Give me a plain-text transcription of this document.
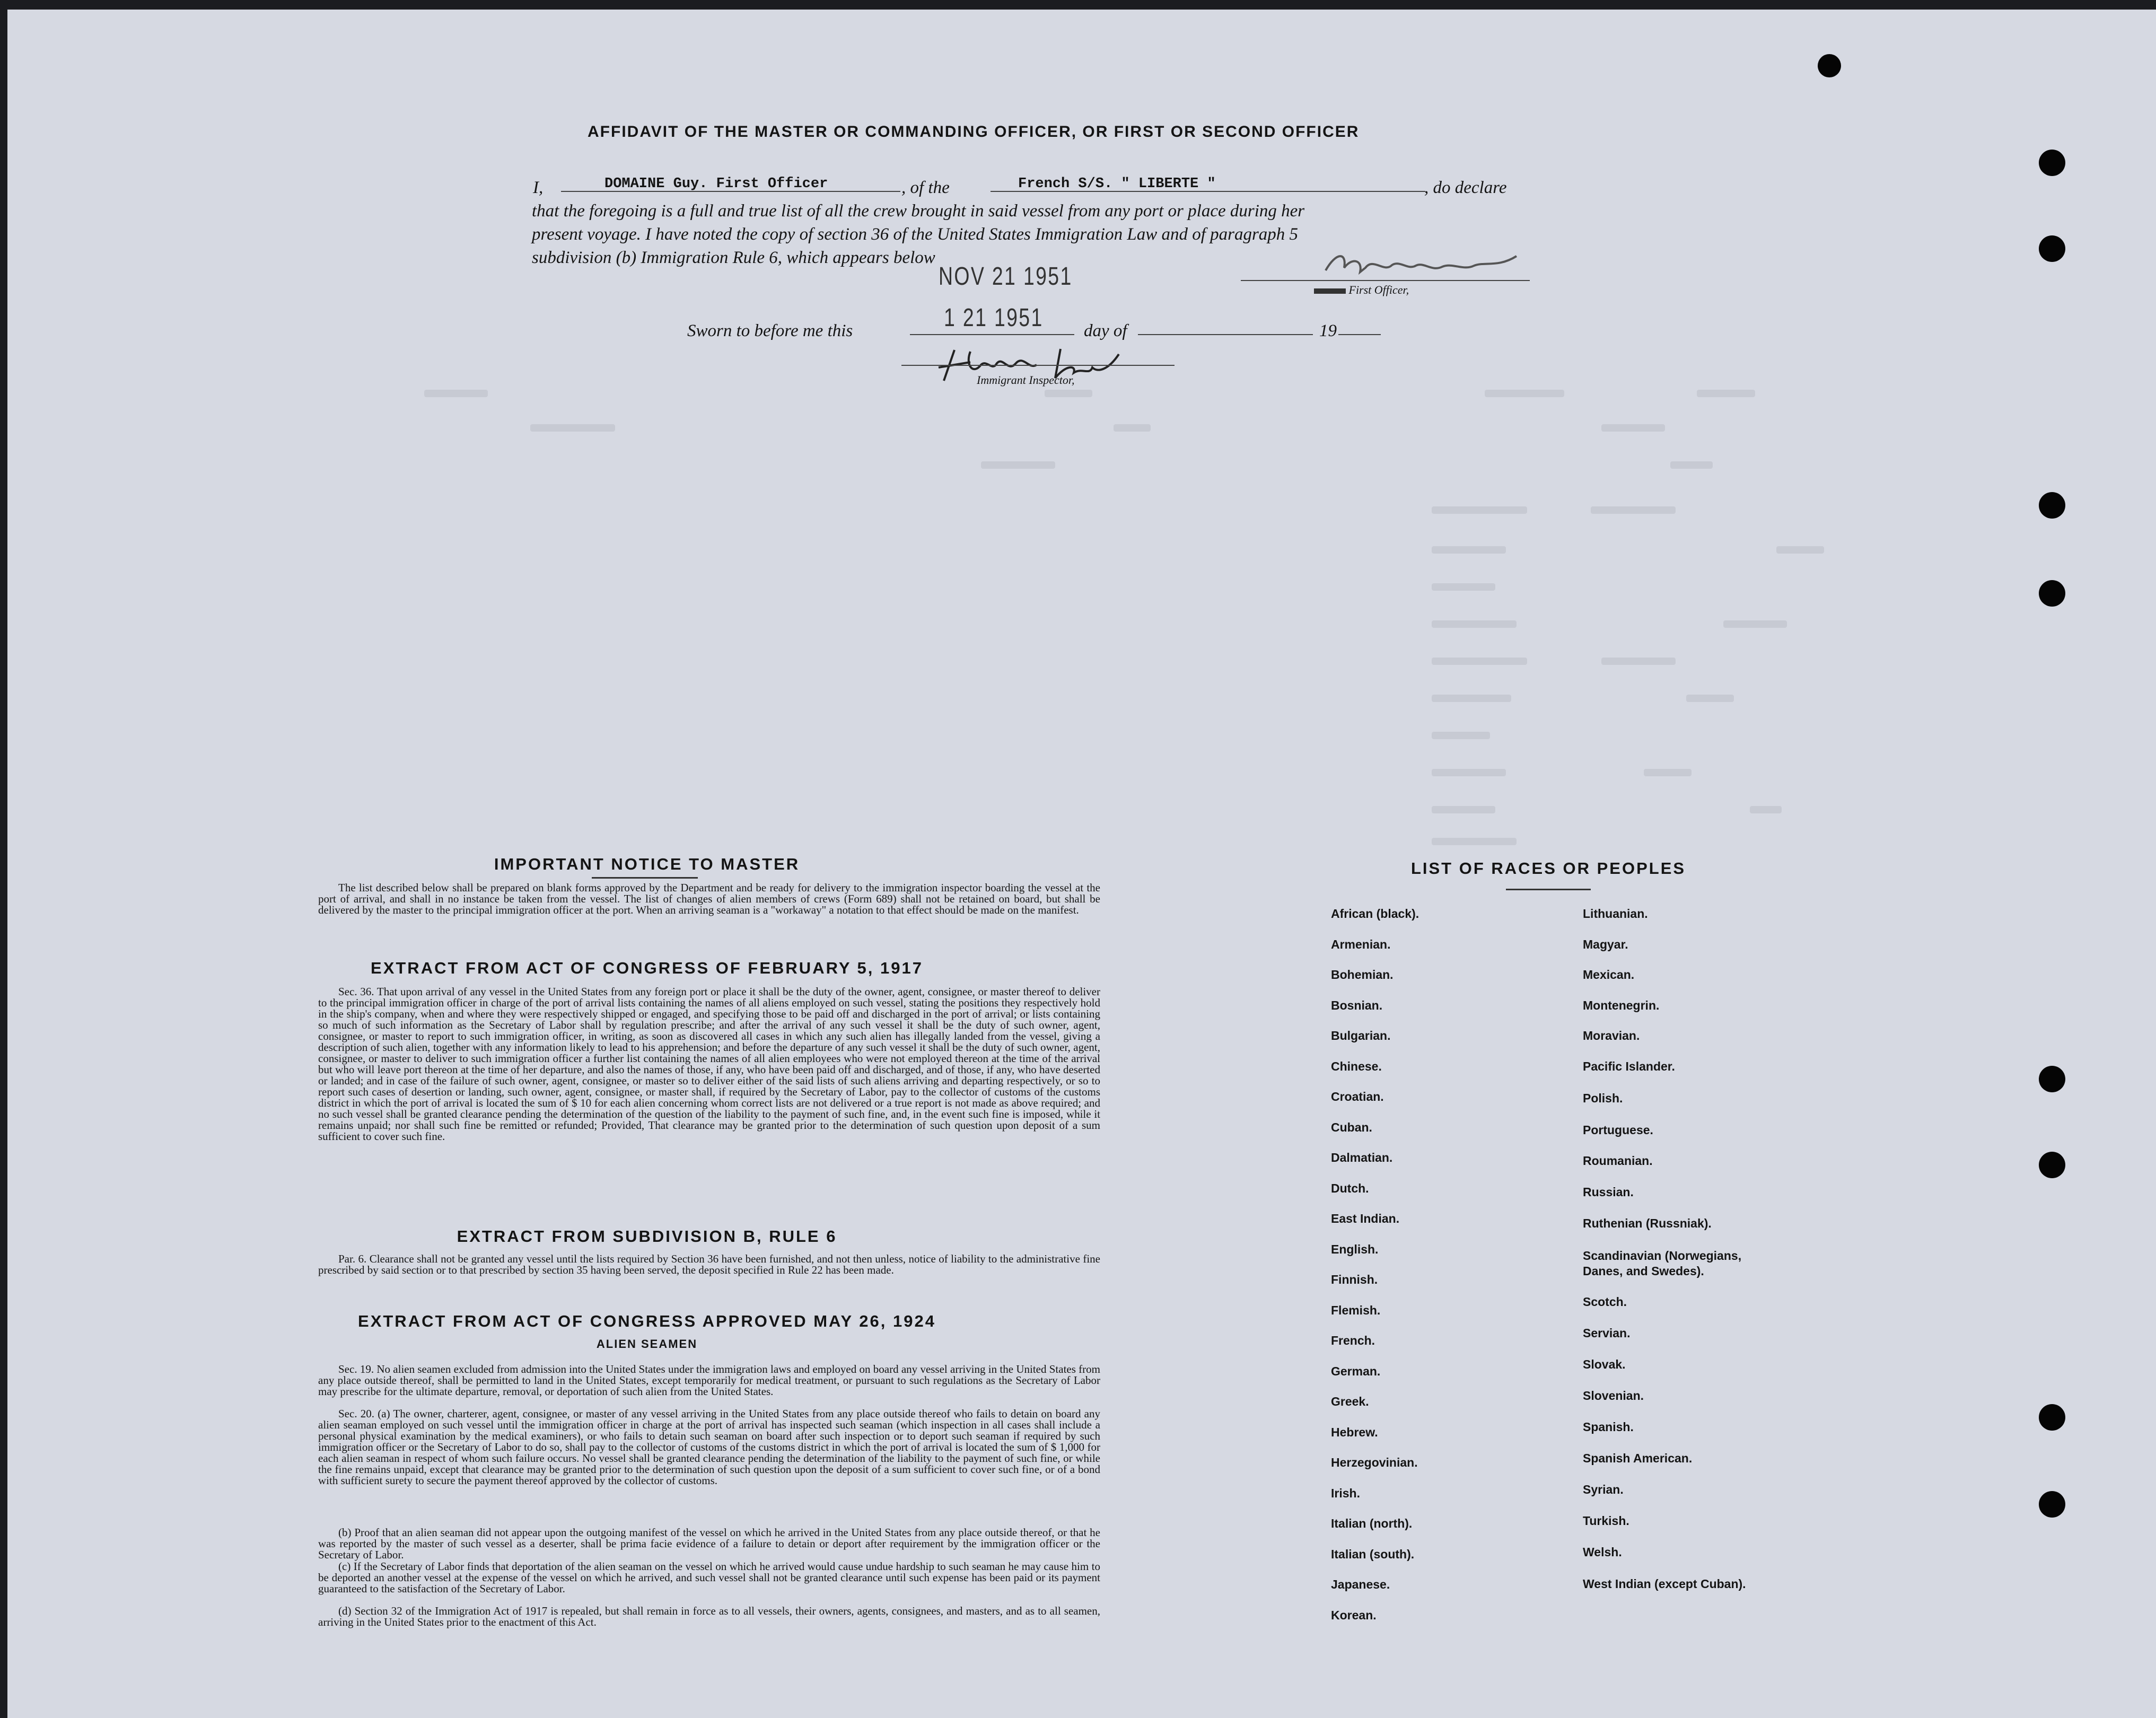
AFFIDAVIT OF THE MASTER OR COMMANDING OFFICER, OR FIRST OR SECOND OFFICER
I,	DOMAINE Guy. First Officer	, of the	French S/S. " LIBERTE "	, do declare
that the foregoing is a full and true list of all the crew brought in said vessel from any port or place during her
present voyage. I have noted the copy of section 36 of the United States Immigration Law and of paragraph 5
subdivision (b) Immigration Rule 6, which appears below
NOV 21 1951	First Officer,
Sworn to before me this	1 21 1951 day of	19
Immigrant Inspector,
IMPORTANT NOTICE TO MASTER

The list described below shall be prepared on blank forms approved by the Department and be ready for delivery to the immigration inspector boarding the vessel at the port of arrival, and shall in no instance be taken from the vessel. The list of changes of alien members of crews (Form 689) shall not be retained on board, but shall be delivered by the master to the principal immigration officer at the port. When an arriving seaman is a "workaway" a notation to that effect should be made on the manifest.

EXTRACT FROM ACT OF CONGRESS OF FEBRUARY 5, 1917

Sec. 36. That upon arrival of any vessel in the United States from any foreign port or place it shall be the duty of the owner, agent, consignee, or master thereof to deliver to the principal immigration officer in charge of the port of arrival lists containing the names of all aliens employed on such vessel, stating the positions they respectively hold in the ship's company, when and where they were respectively shipped or engaged, and specifying those to be paid off and discharged in the port of arrival; or lists containing so much of such information as the Secretary of Labor shall by regulation prescribe; and after the arrival of any such vessel it shall be the duty of such owner, agent, consignee, or master to report to such immigration officer, in writing, as soon as discovered all cases in which any such alien has illegally landed from the vessel, giving a description of such alien, together with any information likely to lead to his apprehension; and before the departure of any such vessel it shall be the duty of such owner, agent, consignee, or master to deliver to such immigration officer a further list containing the names of all alien employees who were not employed thereon at the time of the arrival but who will leave port thereon at the time of her departure, and also the names of those, if any, who have been paid off and discharged, and of those, if any, who have deserted or landed; and in case of the failure of such owner, agent, consignee, or master so to deliver either of the said lists of such aliens arriving and departing respectively, or so to report such cases of desertion or landing, such owner, agent, consignee, or master shall, if required by the Secretary of Labor, pay to the collector of customs of the customs district in which the port of arrival is located the sum of $ 10 for each alien concerning whom correct lists are not delivered or a true report is not made as above required; and no such vessel shall be granted clearance pending the determination of the question of the liability to the payment of such fine, and, in the event such fine is imposed, while it remains unpaid; nor shall such fine be remitted or refunded; Provided, That clearance may be granted prior to the determination of such question upon deposit of a sum sufficient to cover such fine.

EXTRACT FROM SUBDIVISION B, RULE 6

Par. 6. Clearance shall not be granted any vessel until the lists required by Section 36 have been furnished, and not then unless, notice of liability to the administrative fine prescribed by said section or to that prescribed by section 35 having been served, the deposit specified in Rule 22 has been made.

EXTRACT FROM ACT OF CONGRESS APPROVED MAY 26, 1924
ALIEN SEAMEN

Sec. 19. No alien seamen excluded from admission into the United States under the immigration laws and employed on board any vessel arriving in the United States from any place outside thereof, shall be permitted to land in the United States, except temporarily for medical treatment, or pursuant to such regulations as the Secretary of Labor may prescribe for the ultimate departure, removal, or deportation of such alien from the United States.

Sec. 20. (a) The owner, charterer, agent, consignee, or master of any vessel arriving in the United States from any place outside thereof who fails to detain on board any alien seaman employed on such vessel until the immigration officer in charge at the port of arrival has inspected such seaman (which inspection in all cases shall include a personal physical examination by the medical examiners), or who fails to detain such seaman on board after such inspection or to deport such seaman if required by such immigration officer or the Secretary of Labor to do so, shall pay to the collector of customs of the customs district in which the port of arrival is located the sum of $ 1,000 for each alien seaman in respect of whom such failure occurs. No vessel shall be granted clearance pending the determination of the liability to the payment of such fine, or while the fine remains unpaid, except that clearance may be granted prior to the determination of such question upon the deposit of a sum sufficient to cover such fine, or of a bond with sufficient surety to secure the payment thereof approved by the collector of customs.

(b) Proof that an alien seaman did not appear upon the outgoing manifest of the vessel on which he arrived in the United States from any place outside thereof, or that he was reported by the master of such vessel as a deserter, shall be prima facie evidence of a failure to detain or deport after requirement by the immigration officer or the Secretary of Labor.

(c) If the Secretary of Labor finds that deportation of the alien seaman on the vessel on which he arrived would cause undue hardship to such seaman he may cause him to be deported an another vessel at the expense of the vessel on which he arrived, and such vessel shall not be granted clearance until such expense has been paid or its payment guaranteed to the satisfaction of the Secretary of Labor.

(d) Section 32 of the Immigration Act of 1917 is repealed, but shall remain in force as to all vessels, their owners, agents, consignees, and masters, and as to all seamen, arriving in the United States prior to the enactment of this Act.

LIST OF RACES OR PEOPLES
African (black).
Armenian.
Bohemian.
Bosnian.
Bulgarian.
Chinese.
Croatian.
Cuban.
Dalmatian.
Dutch.
East Indian.
English.
Finnish.
Flemish.
French.
German.
Greek.
Hebrew.
Herzegovinian.
Irish.
Italian (north).
Italian (south).
Japanese.
Korean.
Lithuanian.
Magyar.
Mexican.
Montenegrin.
Moravian.
Pacific Islander.
Polish.
Portuguese.
Roumanian.
Russian.
Ruthenian (Russniak).
Scandinavian (Norwegians, Danes, and Swedes).
Scotch.
Servian.
Slovak.
Slovenian.
Spanish.
Spanish American.
Syrian.
Turkish.
Welsh.
West Indian (except Cuban).
